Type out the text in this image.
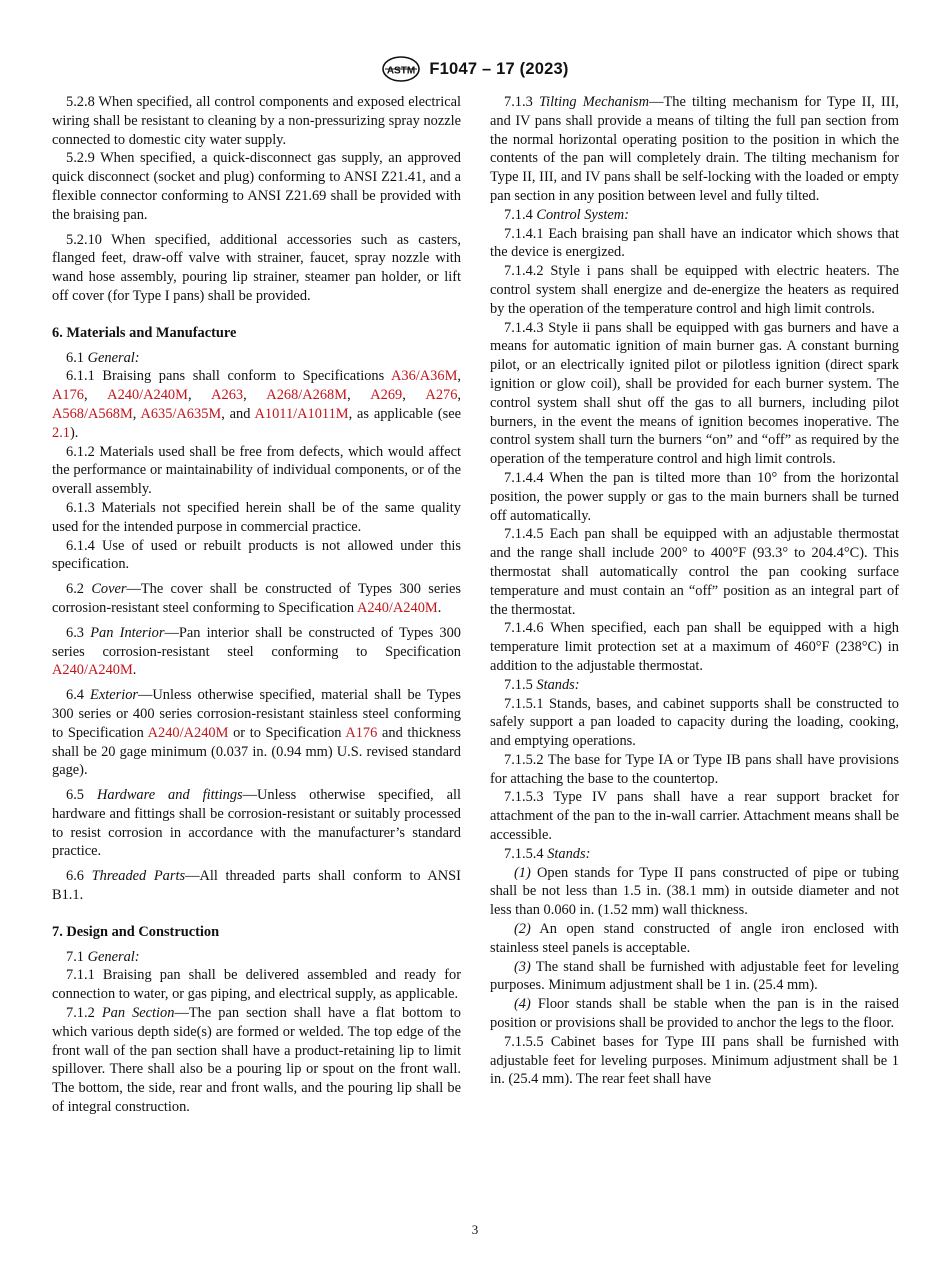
ASTM F1047 – 17 (2023)

5.2.8 When specified, all control components and exposed electrical wiring shall be resistant to cleaning by a non-pressurizing spray nozzle connected to domestic city water supply.

5.2.9 When specified, a quick-disconnect gas supply, an approved quick disconnect (socket and plug) conforming to ANSI Z21.41, and a flexible connector conforming to ANSI Z21.69 shall be provided with the braising pan.

5.2.10 When specified, additional accessories such as casters, flanged feet, draw-off valve with strainer, faucet, spray nozzle with wand hose assembly, pouring lip strainer, steamer pan holder, or lift off cover (for Type I pans) shall be provided.

6. Materials and Manufacture

6.1 General:

6.1.1 Braising pans shall conform to Specifications A36/A36M, A176, A240/A240M, A263, A268/A268M, A269, A276, A568/A568M, A635/A635M, and A1011/A1011M, as applicable (see 2.1).

6.1.2 Materials used shall be free from defects, which would affect the performance or maintainability of individual components, or of the overall assembly.

6.1.3 Materials not specified herein shall be of the same quality used for the intended purpose in commercial practice.

6.1.4 Use of used or rebuilt products is not allowed under this specification.

6.2 Cover—The cover shall be constructed of Types 300 series corrosion-resistant steel conforming to Specification A240/A240M.

6.3 Pan Interior—Pan interior shall be constructed of Types 300 series corrosion-resistant steel conforming to Specification A240/A240M.

6.4 Exterior—Unless otherwise specified, material shall be Types 300 series or 400 series corrosion-resistant stainless steel conforming to Specification A240/A240M or to Specification A176 and thickness shall be 20 gage minimum (0.037 in. (0.94 mm) U.S. revised standard gage).

6.5 Hardware and fittings—Unless otherwise specified, all hardware and fittings shall be corrosion-resistant or suitably processed to resist corrosion in accordance with the manufacturer’s standard practice.

6.6 Threaded Parts—All threaded parts shall conform to ANSI B1.1.

7. Design and Construction

7.1 General:

7.1.1 Braising pan shall be delivered assembled and ready for connection to water, or gas piping, and electrical supply, as applicable.

7.1.2 Pan Section—The pan section shall have a flat bottom to which various depth side(s) are formed or welded. The top edge of the front wall of the pan section shall have a product-retaining lip to limit spillover. There shall also be a pouring lip or spout on the front wall. The bottom, the side, rear and front walls, and the pouring lip shall be of integral construction.

7.1.3 Tilting Mechanism—The tilting mechanism for Type II, III, and IV pans shall provide a means of tilting the full pan section from the normal horizontal operating position to the position in which the contents of the pan will completely drain. The tilting mechanism for Type II, III, and IV pans shall be self-locking with the loaded or empty pan section in any position between level and fully tilted.

7.1.4 Control System:

7.1.4.1 Each braising pan shall have an indicator which shows that the device is energized.

7.1.4.2 Style i pans shall be equipped with electric heaters. The control system shall energize and de-energize the heaters as required by the operation of the temperature control and high limit controls.

7.1.4.3 Style ii pans shall be equipped with gas burners and have a means for automatic ignition of main burner gas. A constant burning pilot, or an electrically ignited pilot or pilotless ignition (direct spark ignition or glow coil), shall be provided for each burner system. The control system shall shut off the gas to all burners, including pilot burners, in the event the means of ignition becomes inoperative. The control system shall turn the burners “on” and “off” as required by the operation of the temperature control and high limit controls.

7.1.4.4 When the pan is tilted more than 10° from the horizontal position, the power supply or gas to the main burners shall be turned off automatically.

7.1.4.5 Each pan shall be equipped with an adjustable thermostat and the range shall include 200° to 400°F (93.3° to 204.4°C). This thermostat shall automatically control the pan cooking surface temperature and must contain an “off” position as an integral part of the thermostat.

7.1.4.6 When specified, each pan shall be equipped with a high temperature limit protection set at a maximum of 460°F (238°C) in addition to the adjustable thermostat.

7.1.5 Stands:

7.1.5.1 Stands, bases, and cabinet supports shall be constructed to safely support a pan loaded to capacity during the loading, cooking, and emptying operations.

7.1.5.2 The base for Type IA or Type IB pans shall have provisions for attaching the base to the countertop.

7.1.5.3 Type IV pans shall have a rear support bracket for attachment of the pan to the in-wall carrier. Attachment means shall be accessible.

7.1.5.4 Stands:

(1) Open stands for Type II pans constructed of pipe or tubing shall be not less than 1.5 in. (38.1 mm) in outside diameter and not less than 0.060 in. (1.52 mm) wall thickness.

(2) An open stand constructed of angle iron enclosed with stainless steel panels is acceptable.

(3) The stand shall be furnished with adjustable feet for leveling purposes. Minimum adjustment shall be 1 in. (25.4 mm).

(4) Floor stands shall be stable when the pan is in the raised position or provisions shall be provided to anchor the legs to the floor.

7.1.5.5 Cabinet bases for Type III pans shall be furnished with adjustable feet for leveling purposes. Minimum adjustment shall be 1 in. (25.4 mm). The rear feet shall have

3
